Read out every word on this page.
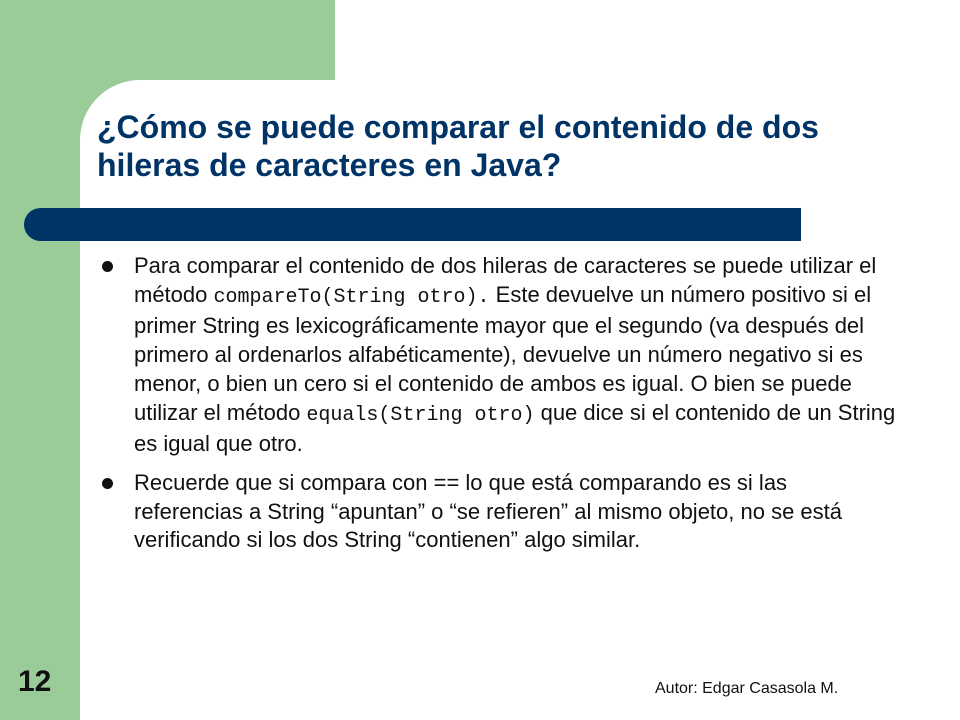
¿Cómo se puede comparar el contenido de dos hileras de caracteres en Java?
Para comparar el contenido de dos hileras de caracteres se puede utilizar el método compareTo(String otro). Este devuelve un número positivo si el primer String es lexicográficamente mayor que el segundo (va después del primero al ordenarlos alfabéticamente), devuelve un número negativo si es menor, o bien un cero si el contenido de ambos es igual. O bien se puede utilizar el método equals(String otro) que dice si el contenido de un String es igual que otro.
Recuerde que si compara con == lo que está comparando es si las referencias a String “apuntan” o “se refieren” al mismo objeto, no se está verificando si los dos String “contienen” algo similar.
12	Autor: Edgar Casasola M.
